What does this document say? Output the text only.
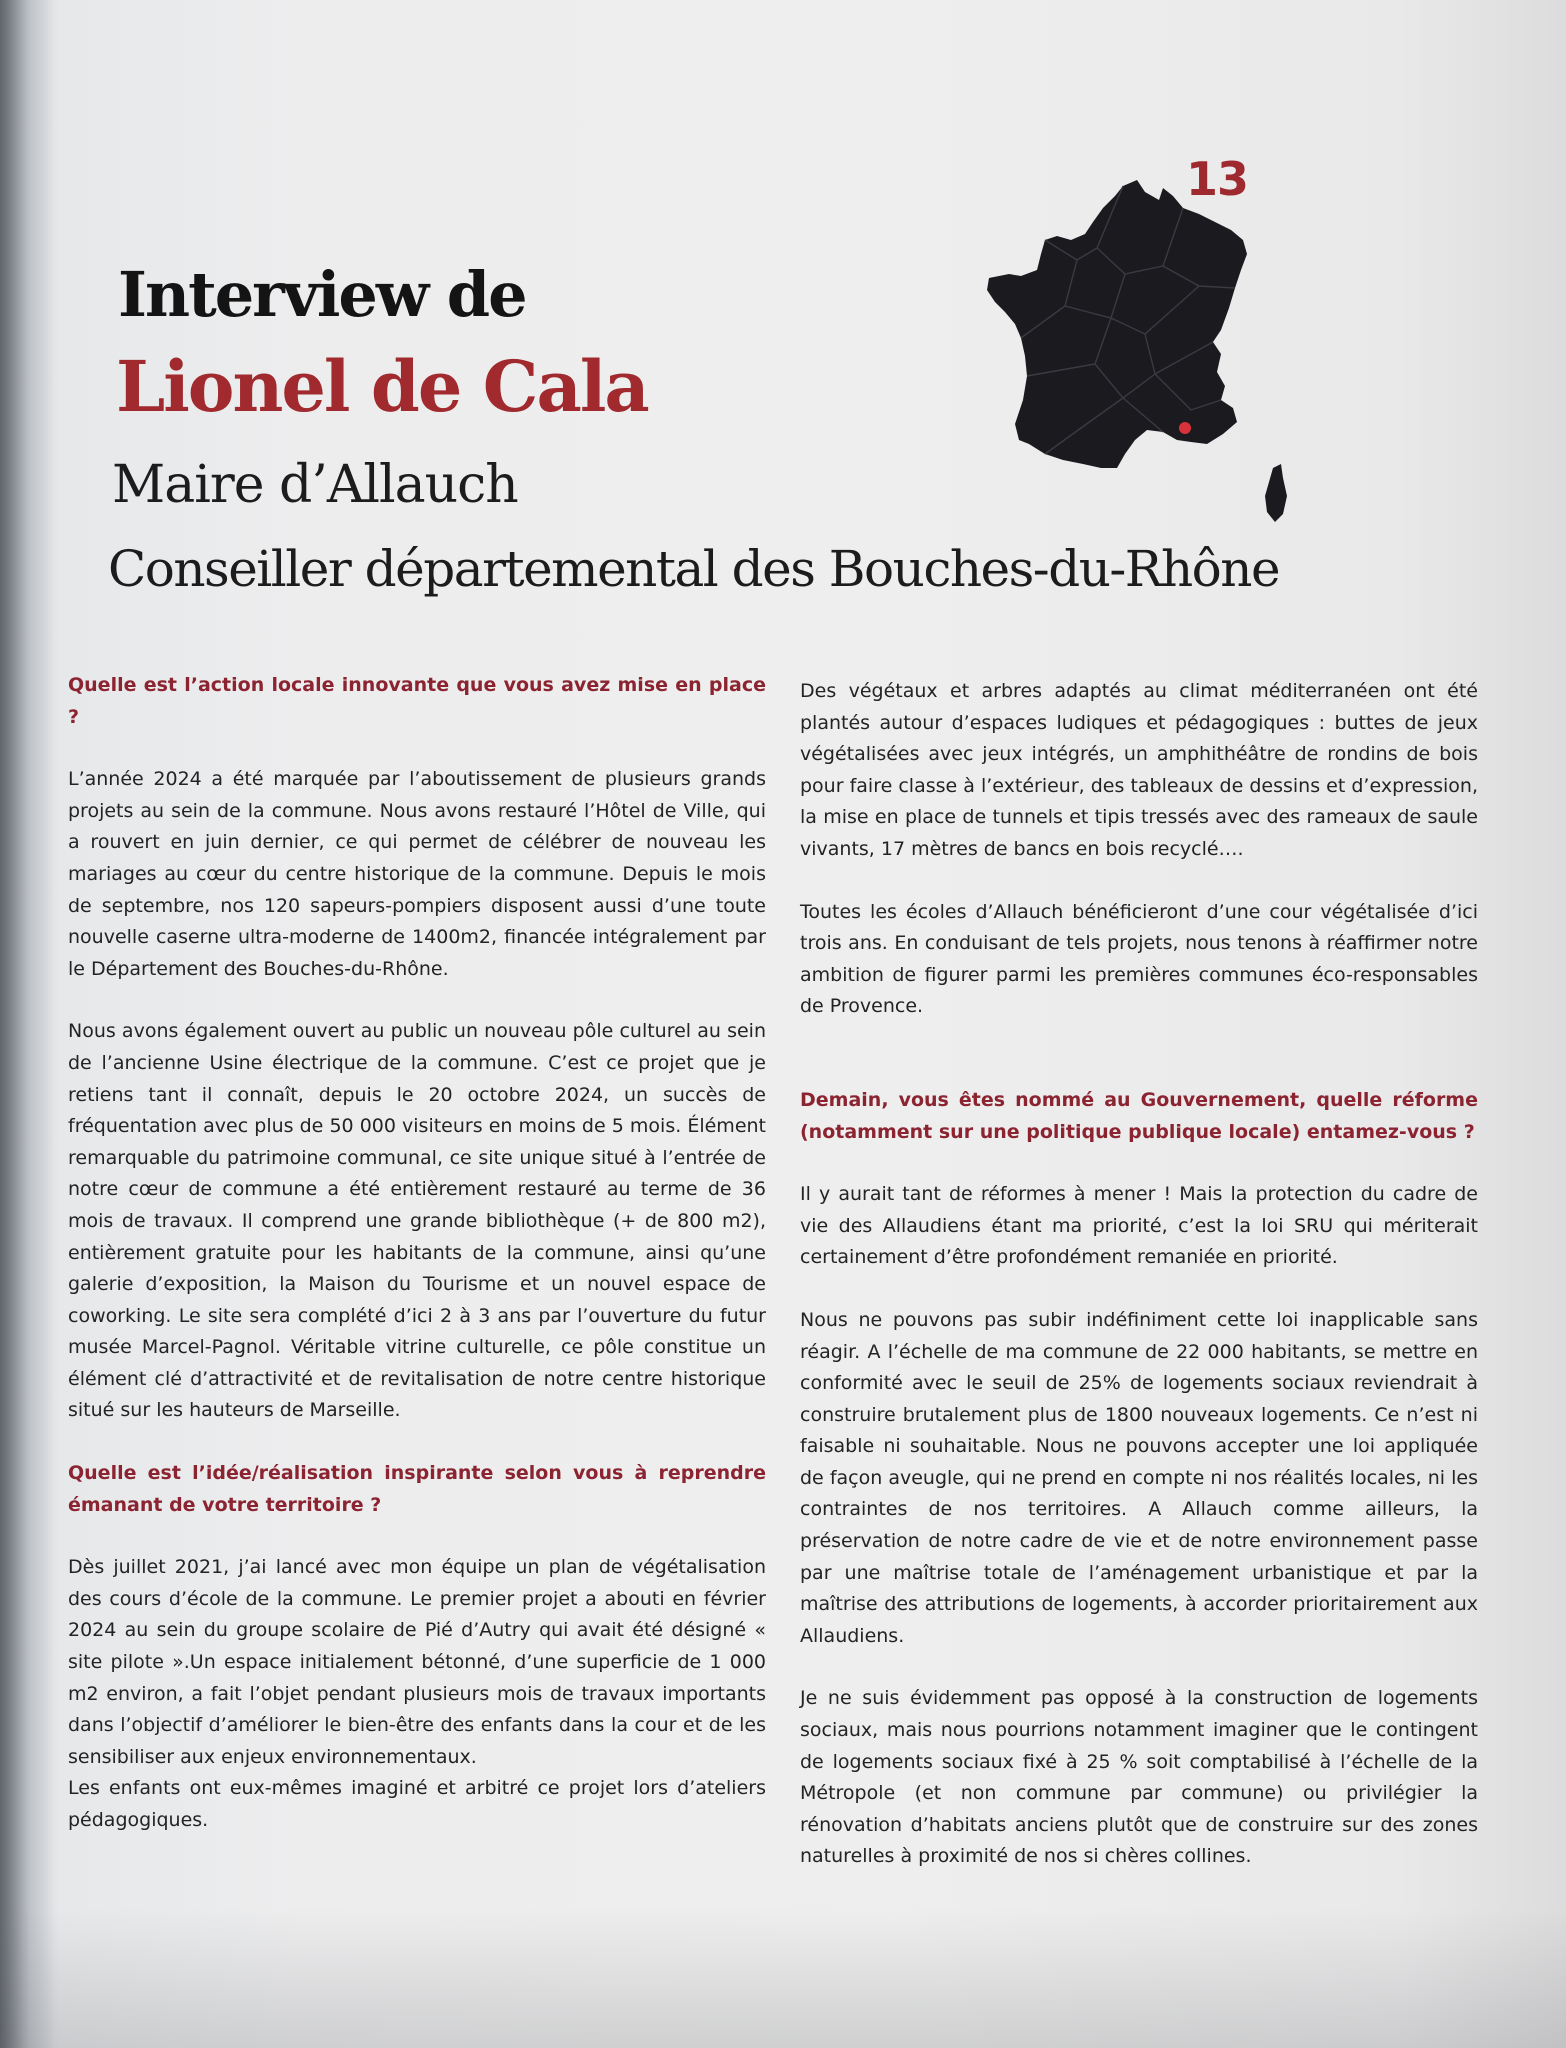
13
Interview de
Lionel de Cala
Maire d’Allauch
Conseiller départemental des Bouches-du-Rhône

Quelle est l’action locale innovante que vous avez mise en place ?

L’année 2024 a été marquée par l’aboutissement de plusieurs grands projets au sein de la commune. Nous avons restauré l’Hôtel de Ville, qui a rouvert en juin dernier, ce qui permet de célébrer de nouveau les mariages au cœur du centre historique de la commune. Depuis le mois de septembre, nos 120 sapeurs-pompiers disposent aussi d’une toute nouvelle caserne ultra-moderne de 1400m2, financée intégralement par le Département des Bouches-du-Rhône.

Nous avons également ouvert au public un nouveau pôle culturel au sein de l’ancienne Usine électrique de la commune. C’est ce projet que je retiens tant il connaît, depuis le 20 octobre 2024, un succès de fréquentation avec plus de 50 000 visiteurs en moins de 5 mois. Élément remarquable du patrimoine communal, ce site unique situé à l’entrée de notre cœur de commune a été entièrement restauré au terme de 36 mois de travaux. Il comprend une grande bibliothèque (+ de 800 m2), entièrement gratuite pour les habitants de la commune, ainsi qu’une galerie d’exposition, la Maison du Tourisme et un nouvel espace de coworking. Le site sera complété d’ici 2 à 3 ans par l’ouverture du futur musée Marcel-Pagnol. Véritable vitrine culturelle, ce pôle constitue un élément clé d’attractivité et de revitalisation de notre centre historique situé sur les hauteurs de Marseille.

Quelle est l’idée/réalisation inspirante selon vous à reprendre émanant de votre territoire ?

Dès juillet 2021, j’ai lancé avec mon équipe un plan de végétalisation des cours d’école de la commune. Le premier projet a abouti en février 2024 au sein du groupe scolaire de Pié d’Autry qui avait été désigné « site pilote ».Un espace initialement bétonné, d’une superficie de 1 000 m2 environ, a fait l’objet pendant plusieurs mois de travaux importants dans l’objectif d’améliorer le bien-être des enfants dans la cour et de les sensibiliser aux enjeux environnementaux.

Les enfants ont eux-mêmes imaginé et arbitré ce projet lors d’ateliers pédagogiques.

Des végétaux et arbres adaptés au climat méditerranéen ont été plantés autour d’espaces ludiques et pédagogiques : buttes de jeux végétalisées avec jeux intégrés, un amphithéâtre de rondins de bois pour faire classe à l’extérieur, des tableaux de dessins et d’expression, la mise en place de tunnels et tipis tressés avec des rameaux de saule vivants, 17 mètres de bancs en bois recyclé….

Toutes les écoles d’Allauch bénéficieront d’une cour végétalisée d’ici trois ans. En conduisant de tels projets, nous tenons à réaffirmer notre ambition de figurer parmi les premières communes éco-responsables de Provence.

Demain, vous êtes nommé au Gouvernement, quelle réforme (notamment sur une politique publique locale) entamez-vous ?

Il y aurait tant de réformes à mener ! Mais la protection du cadre de vie des Allaudiens étant ma priorité, c’est la loi SRU qui mériterait certainement d’être profondément remaniée en priorité.

Nous ne pouvons pas subir indéfiniment cette loi inapplicable sans réagir. A l’échelle de ma commune de 22 000 habitants, se mettre en conformité avec le seuil de 25% de logements sociaux reviendrait à construire brutalement plus de 1800 nouveaux logements. Ce n’est ni faisable ni souhaitable. Nous ne pouvons accepter une loi appliquée de façon aveugle, qui ne prend en compte ni nos réalités locales, ni les contraintes de nos territoires. A Allauch comme ailleurs, la préservation de notre cadre de vie et de notre environnement passe par une maîtrise totale de l’aménagement urbanistique et par la maîtrise des attributions de logements, à accorder prioritairement aux Allaudiens.

Je ne suis évidemment pas opposé à la construction de logements sociaux, mais nous pourrions notamment imaginer que le contingent de logements sociaux fixé à 25 % soit comptabilisé à l’échelle de la Métropole (et non commune par commune) ou privilégier la rénovation d’habitats anciens plutôt que de construire sur des zones naturelles à proximité de nos si chères collines.
